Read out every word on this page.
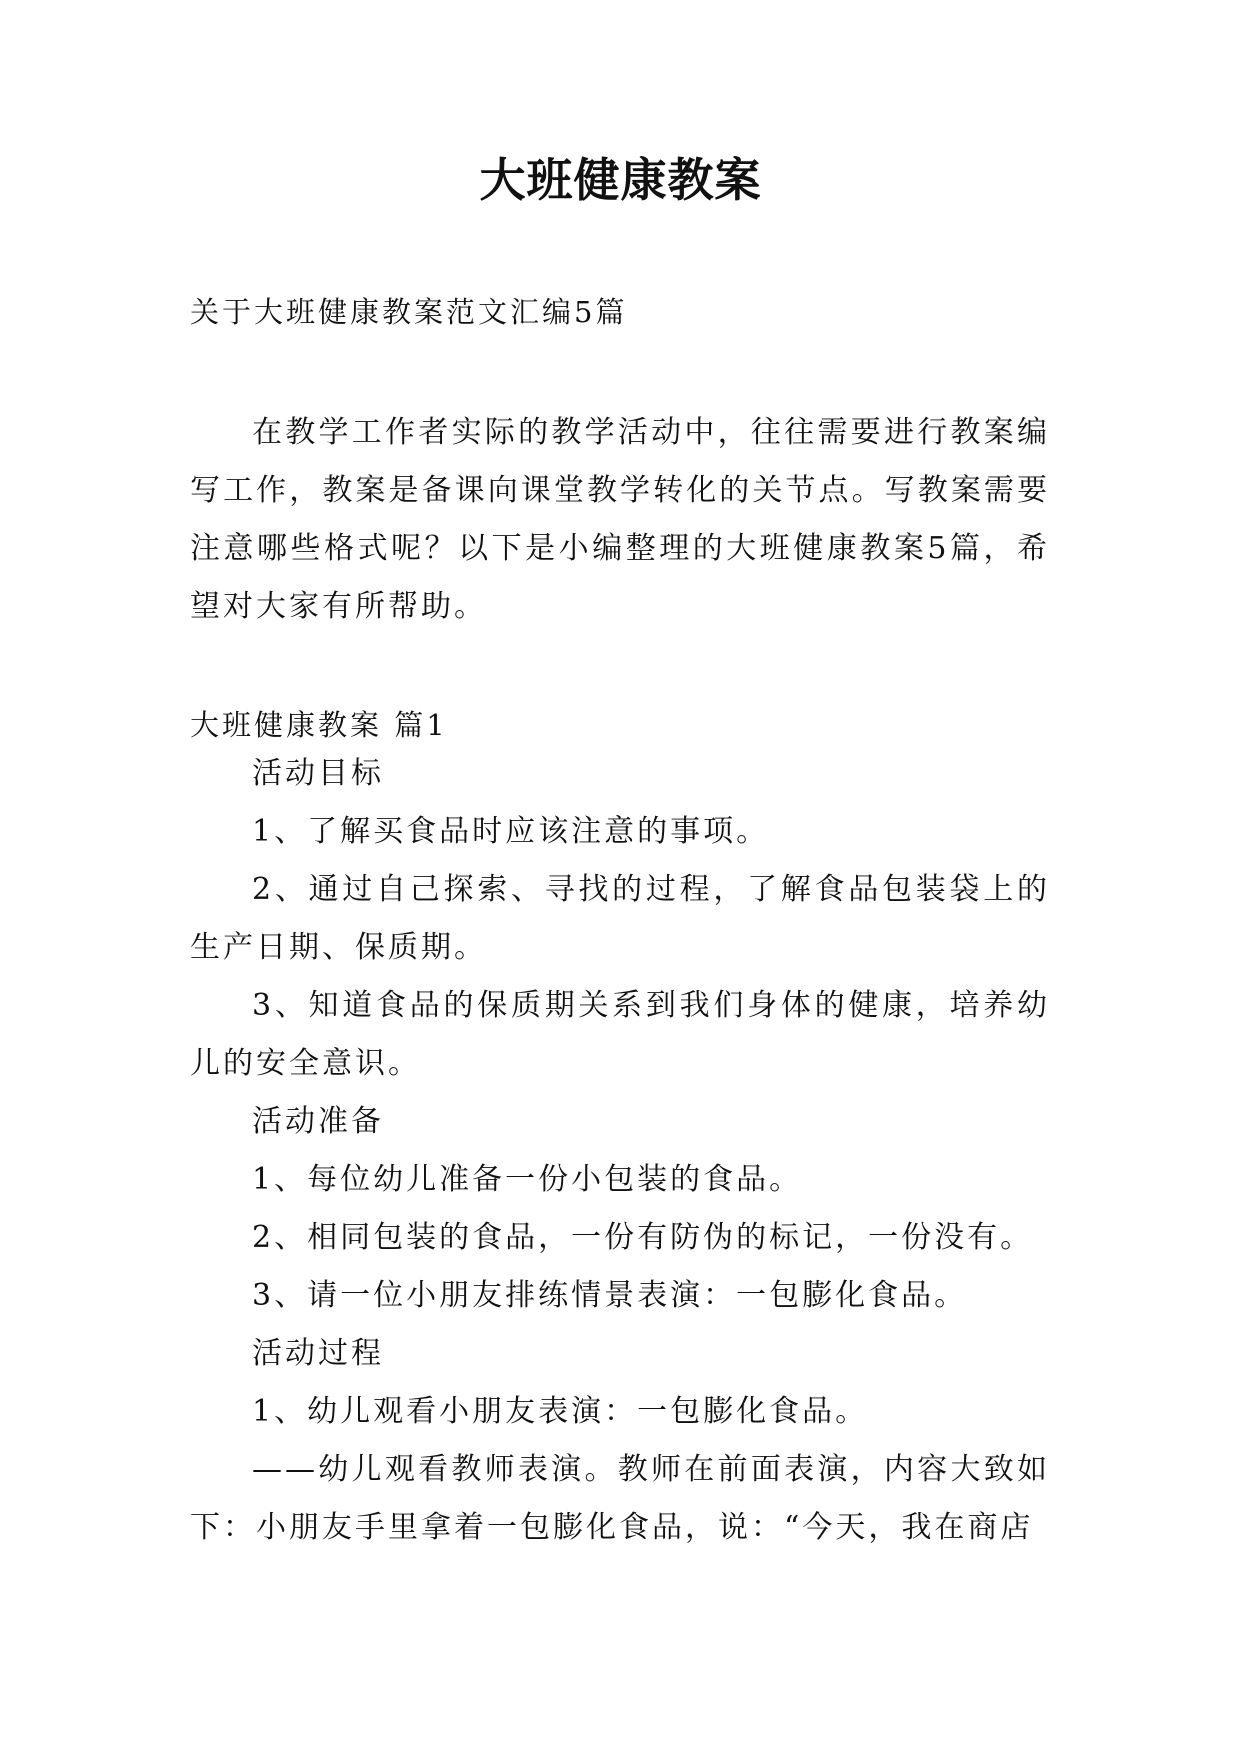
大班健康教案
关于大班健康教案范文汇编5篇
在教学工作者实际的教学活动中，往往需要进行教案编写工作，教案是备课向课堂教学转化的关节点。写教案需要注意哪些格式呢？以下是小编整理的大班健康教案5篇，希望对大家有所帮助。
大班健康教案 篇1

活动目标

1、了解买食品时应该注意的事项。

2、通过自己探索、寻找的过程，了解食品包装袋上的生产日期、保质期。

3、知道食品的保质期关系到我们身体的健康，培养幼儿的安全意识。

活动准备

1、每位幼儿准备一份小包装的食品。

2、相同包装的食品，一份有防伪的标记，一份没有。

3、请一位小朋友排练情景表演：一包膨化食品。

活动过程

1、幼儿观看小朋友表演：一包膨化食品。

——幼儿观看教师表演。教师在前面表演，内容大致如下：小朋友手里拿着一包膨化食品，说：“今天，我在商店
